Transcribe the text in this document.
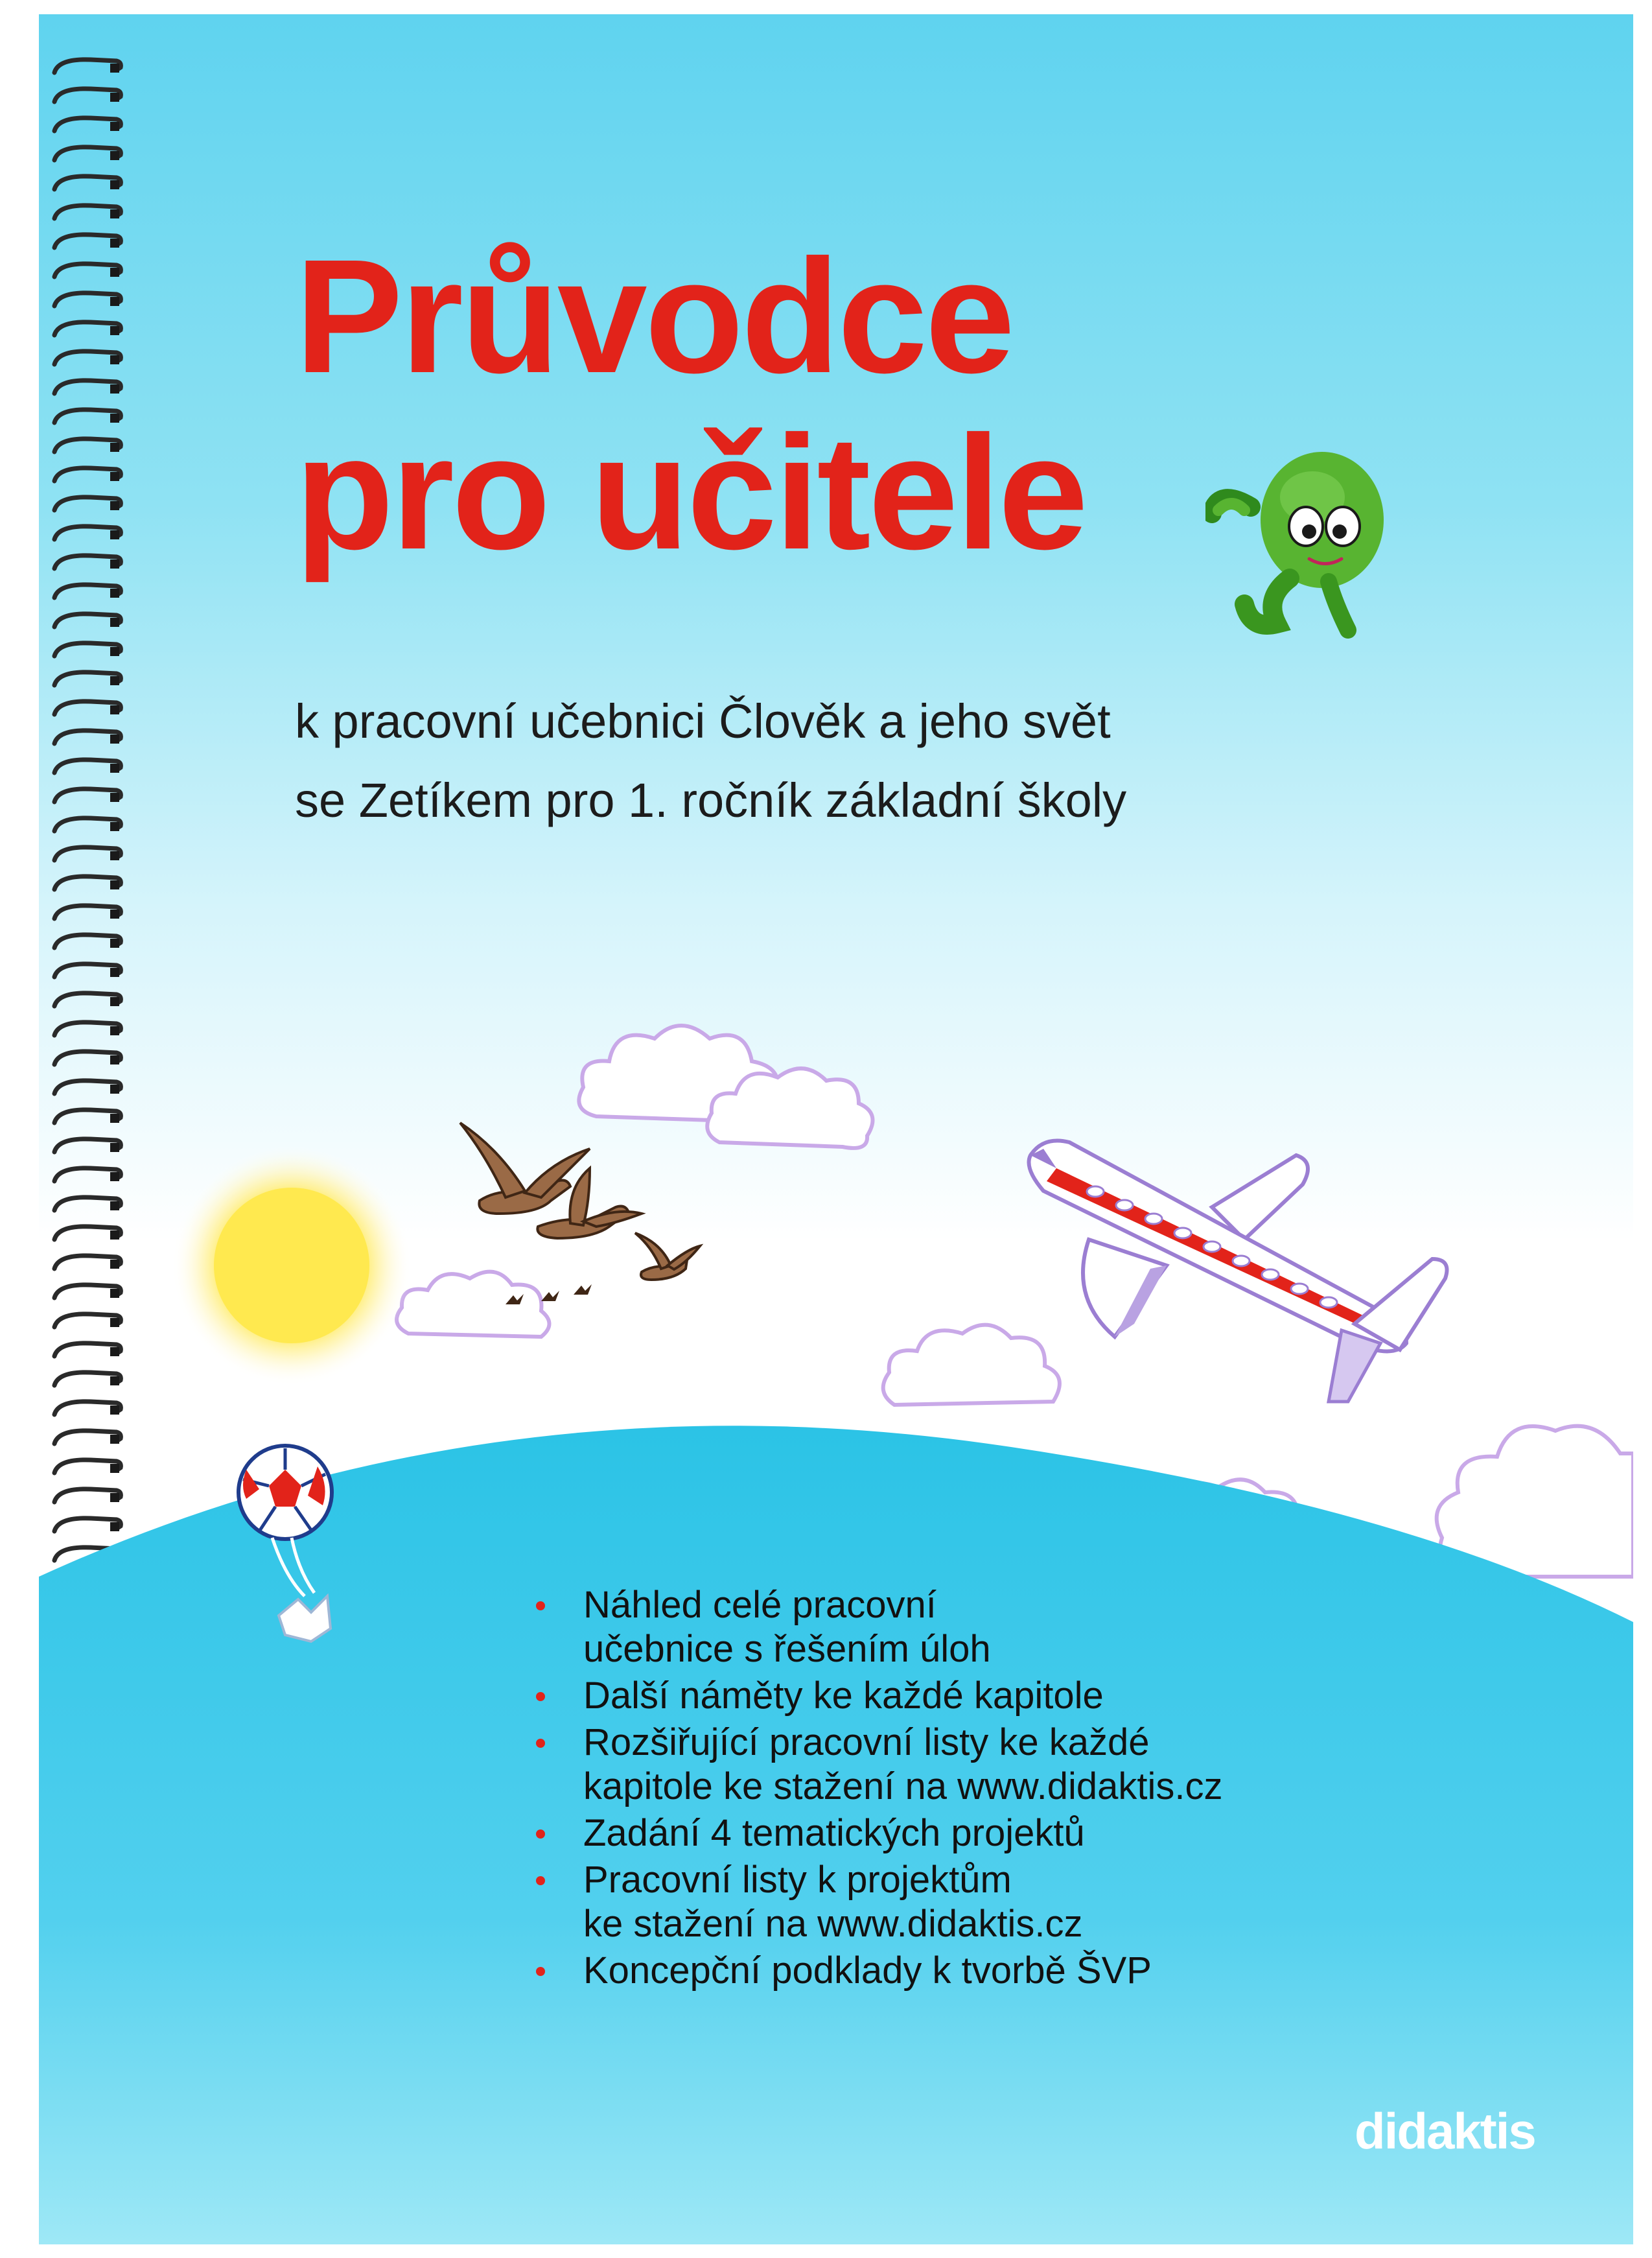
Průvodce
pro učitele

k pracovní učebnici Člověk a jeho svět
se Zetíkem pro 1. ročník základní školy

Náhled celé pracovní
učebnice s řešením úloh
Další náměty ke každé kapitole
Rozšiřující pracovní listy ke každé
kapitole ke stažení na www.didaktis.cz
Zadání 4 tematických projektů
Pracovní listy k projektům
ke stažení na www.didaktis.cz
Koncepční podklady k tvorbě ŠVP
didaktis
